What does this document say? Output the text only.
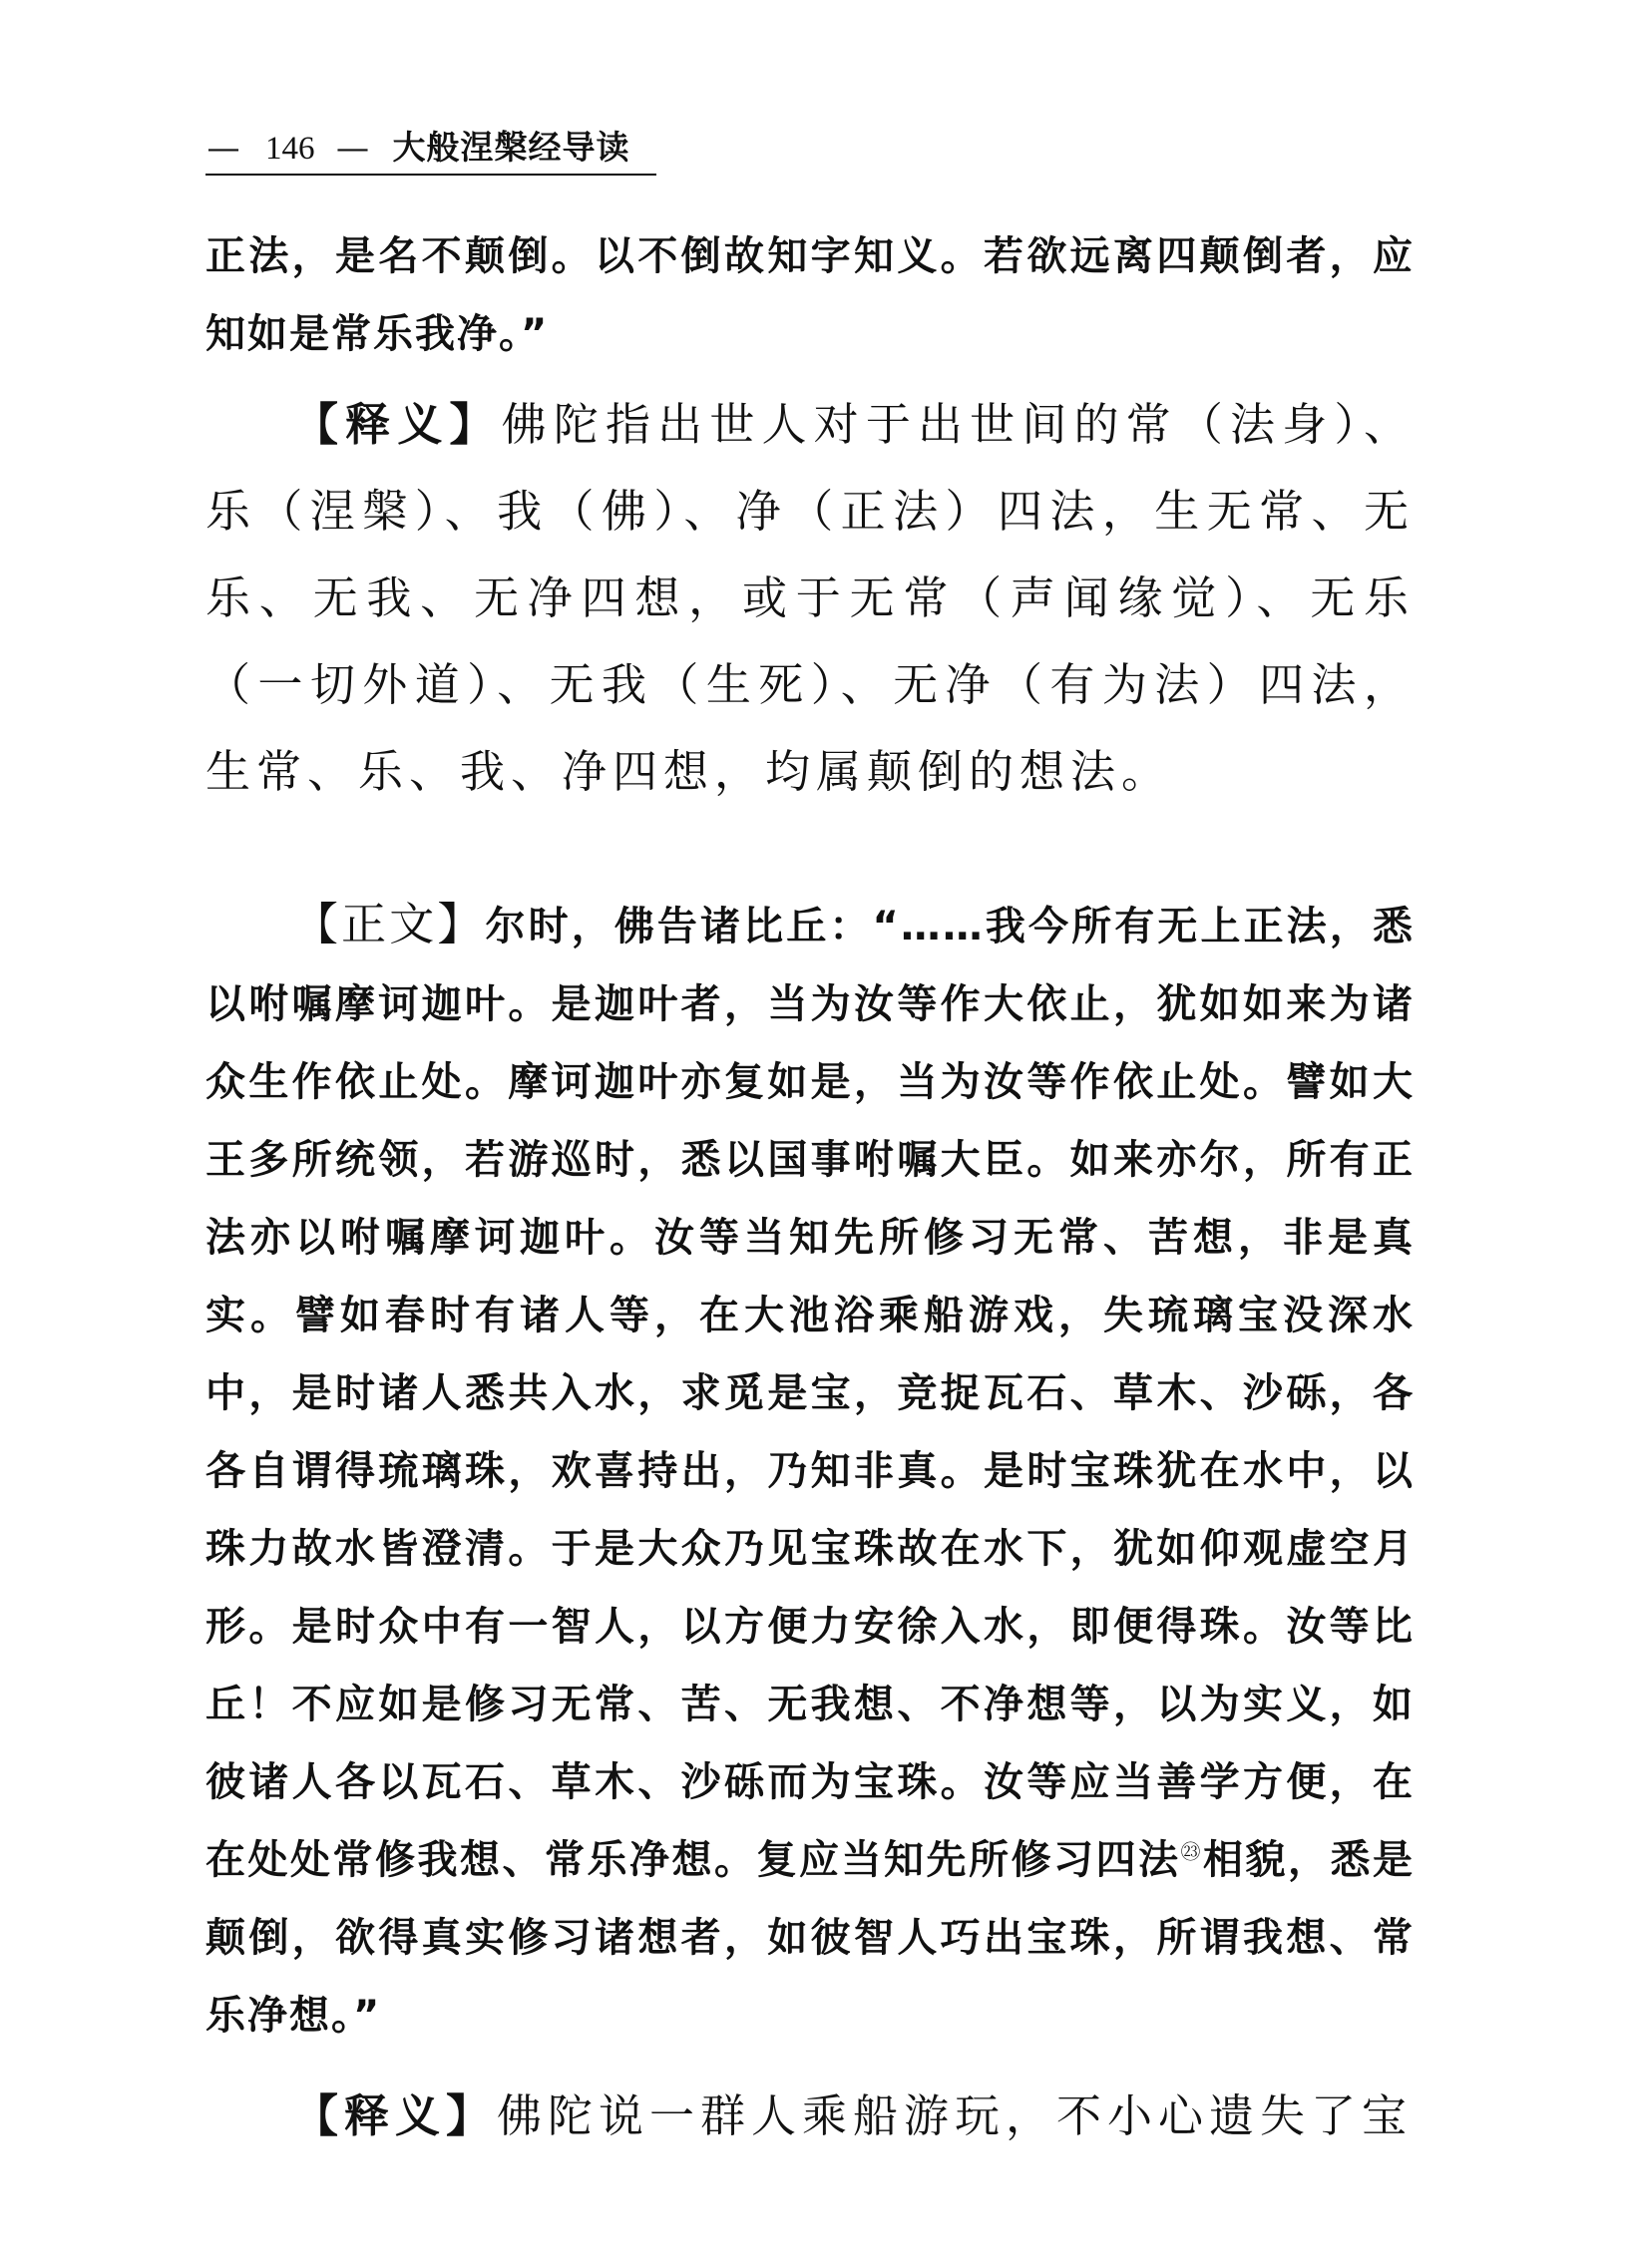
— 146 — 大般涅槃经导读

正法，是名不颠倒。以不倒故知字知义。若欲远离四颠倒者，应知如是常乐我净。”

【释义】佛陀指出世人对于出世间的常（法身）、乐（涅槃）、我（佛）、净（正法）四法，生无常、无乐、无我、无净四想，或于无常（声闻缘觉）、无乐（一切外道）、无我（生死）、无净（有为法）四法，生常、乐、我、净四想，均属颠倒的想法。

【正文】尔时，佛告诸比丘：“……我今所有无上正法，悉以咐嘱摩诃迦叶。是迦叶者，当为汝等作大依止，犹如如来为诸众生作依止处。摩诃迦叶亦复如是，当为汝等作依止处。譬如大王多所统领，若游巡时，悉以国事咐嘱大臣。如来亦尔，所有正法亦以咐嘱摩诃迦叶。汝等当知先所修习无常、苦想，非是真实。譬如春时有诸人等，在大池浴乘船游戏，失琉璃宝没深水中，是时诸人悉共入水，求觅是宝，竞捉瓦石、草木、沙砾，各各自谓得琉璃珠，欢喜持出，乃知非真。是时宝珠犹在水中，以珠力故水皆澄清。于是大众乃见宝珠故在水下，犹如仰观虚空月形。是时众中有一智人，以方便力安徐入水，即便得珠。汝等比丘！不应如是修习无常、苦、无我想、不净想等，以为实义，如彼诸人各以瓦石、草木、沙砾而为宝珠。汝等应当善学方便，在在处处常修我想、常乐净想。复应当知先所修习四法$^㉓$相貌，悉是颠倒，欲得真实修习诸想者，如彼智人巧出宝珠，所谓我想、常乐净想。”

【释义】佛陀说一群人乘船游玩，不小心遗失了宝
